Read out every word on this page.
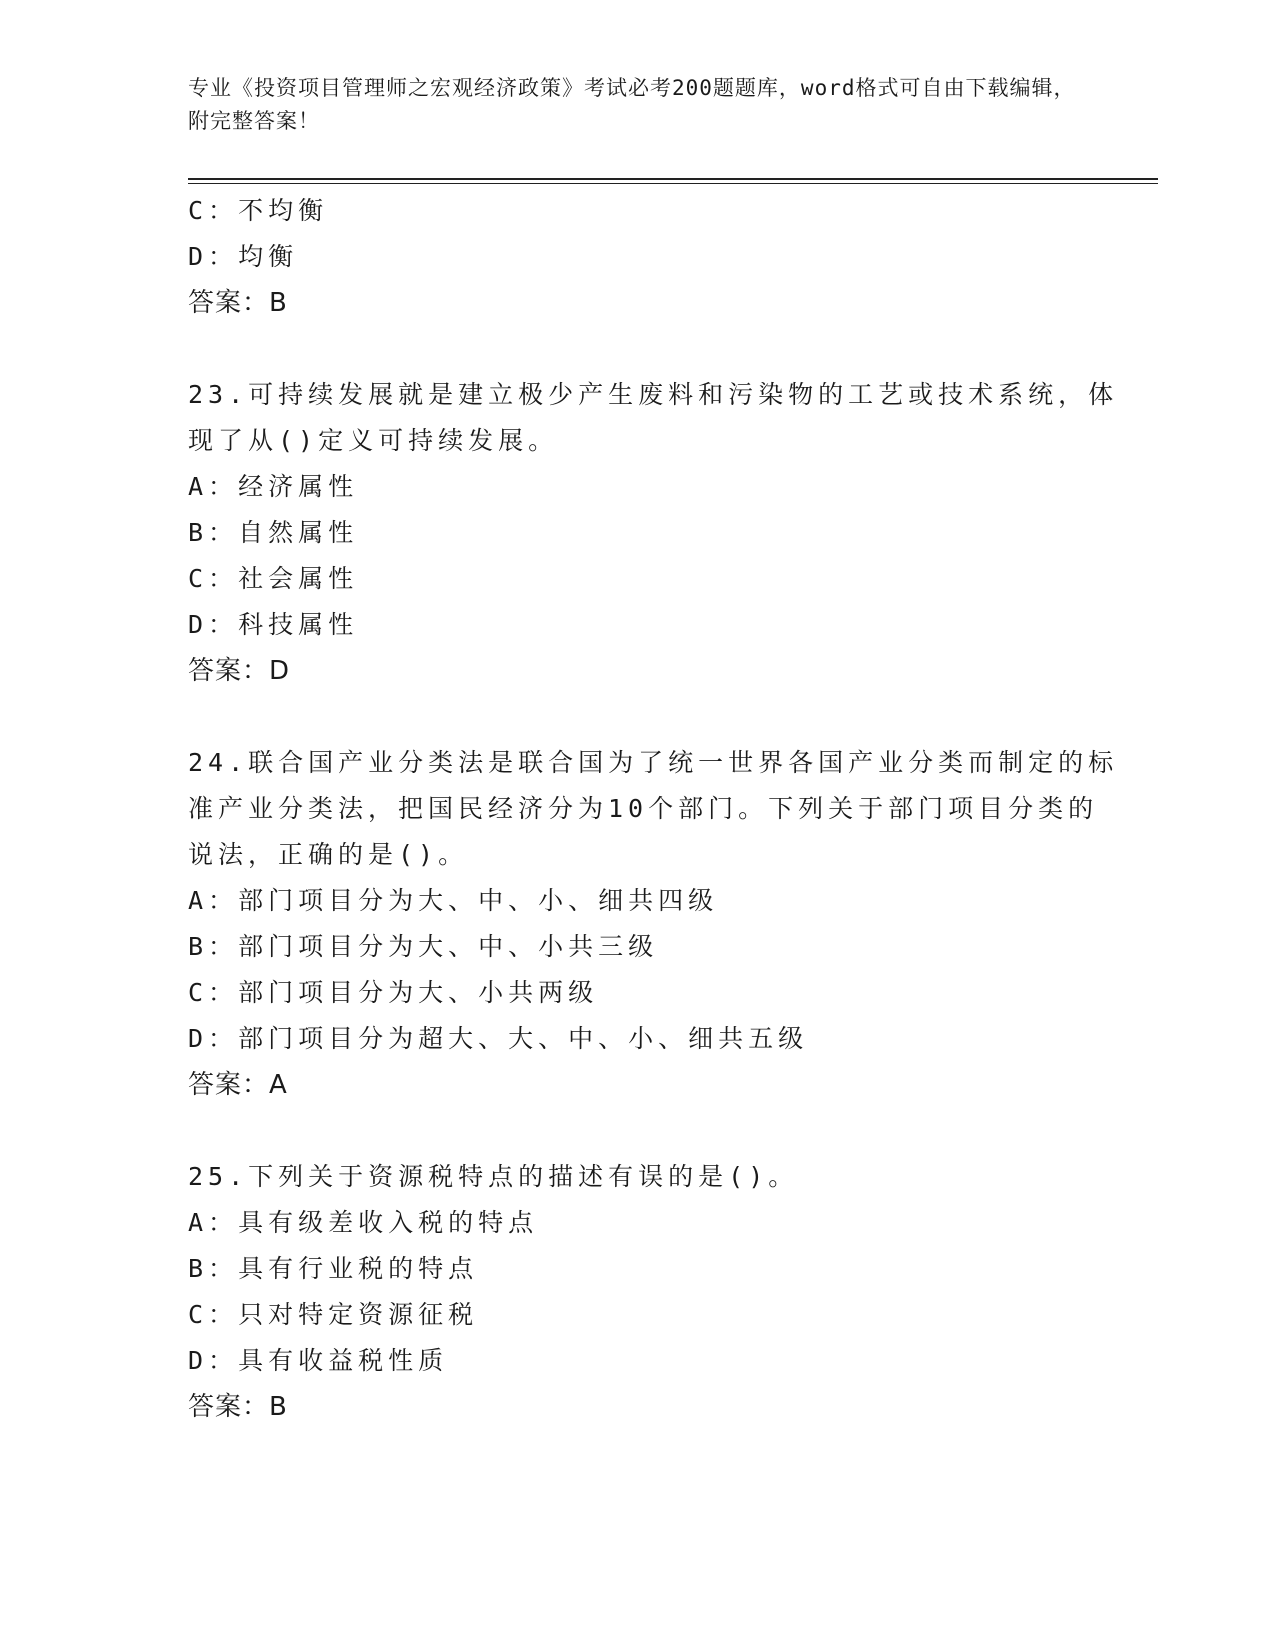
专业《投资项目管理师之宏观经济政策》考试必考200题题库，word格式可自由下载编辑，附完整答案！
C：不均衡
D：均衡
答案：B
23.可持续发展就是建立极少产生废料和污染物的工艺或技术系统，体
现了从()定义可持续发展。
A：经济属性
B：自然属性
C：社会属性
D：科技属性
答案：D
24.联合国产业分类法是联合国为了统一世界各国产业分类而制定的标
准产业分类法，把国民经济分为10个部门。下列关于部门项目分类的
说法，正确的是()。
A：部门项目分为大、中、小、细共四级
B：部门项目分为大、中、小共三级
C：部门项目分为大、小共两级
D：部门项目分为超大、大、中、小、细共五级
答案：A
25.下列关于资源税特点的描述有误的是()。
A：具有级差收入税的特点
B：具有行业税的特点
C：只对特定资源征税
D：具有收益税性质
答案：B
